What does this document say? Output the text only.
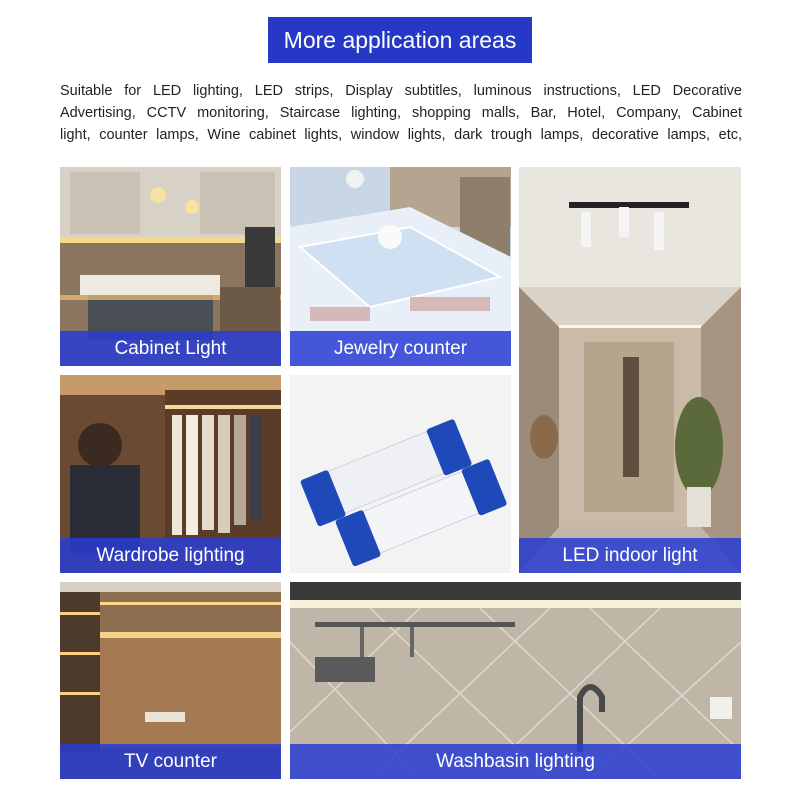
More application areas
Suitable for LED lighting, LED strips, Display subtitles, luminous instructions, LED Decorative
Advertising, CCTV monitoring, Staircase lighting, shopping malls, Bar, Hotel, Company, Cabinet
light, counter lamps, Wine cabinet lights, window lights, dark trough lamps, decorative lamps, etc,
Cabinet Light	Jewelry counter
LED indoor light
Wardrobe lighting
TV counter	Washbasin lighting
